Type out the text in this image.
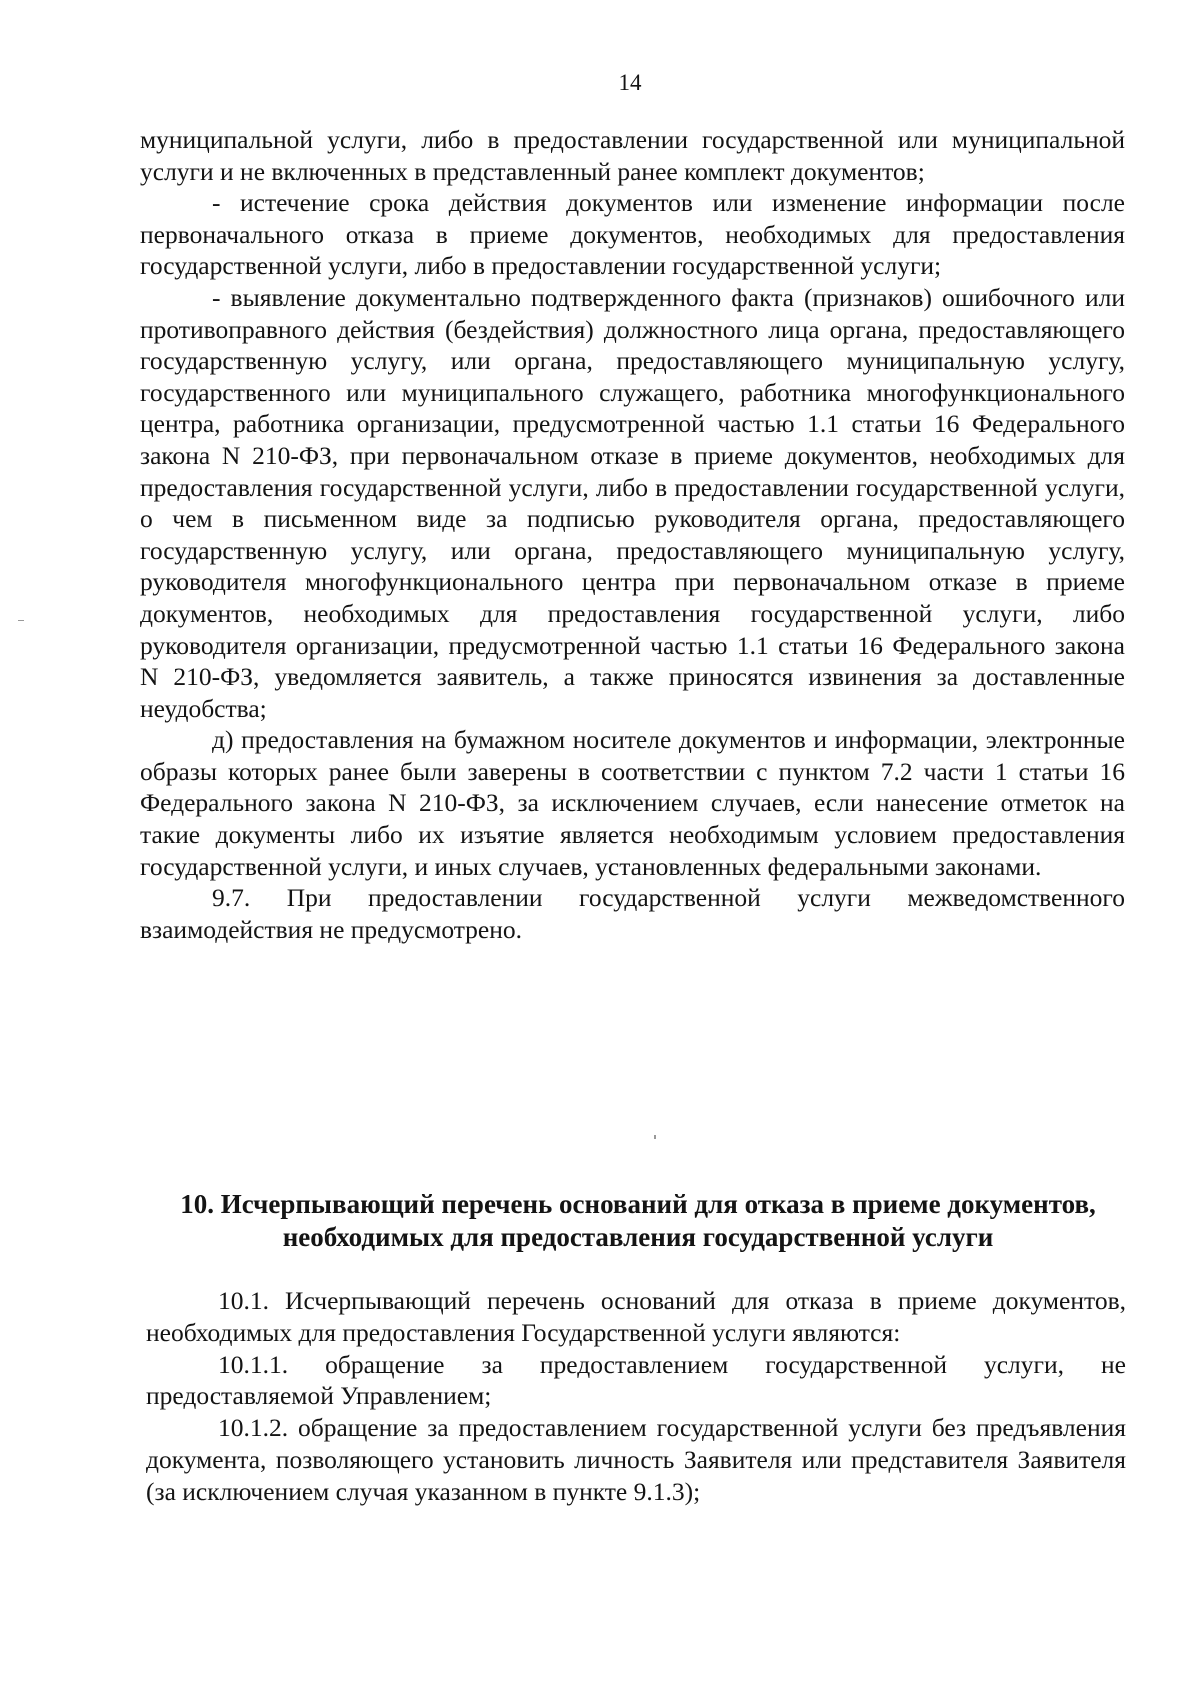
14

муниципальной услуги, либо в предоставлении государственной или муниципальной услуги и не включенных в представленный ранее комплект документов;

- истечение срока действия документов или изменение информации после первоначального отказа в приеме документов, необходимых для предоставления государственной услуги, либо в предоставлении государственной услуги;

- выявление документально подтвержденного факта (признаков) ошибочного или противоправного действия (бездействия) должностного лица органа, предоставляющего государственную услугу, или органа, предоставляющего муниципальную услугу, государственного или муниципального служащего, работника многофункционального центра, работника организации, предусмотренной частью 1.1 статьи 16 Федерального закона N 210-ФЗ, при первоначальном отказе в приеме документов, необходимых для предоставления государственной услуги, либо в предоставлении государственной услуги, о чем в письменном виде за подписью руководителя органа, предоставляющего государственную услугу, или органа, предоставляющего муниципальную услугу, руководителя многофункционального центра при первоначальном отказе в приеме документов, необходимых для предоставления государственной услуги, либо руководителя организации, предусмотренной частью 1.1 статьи 16 Федерального закона N 210-ФЗ, уведомляется заявитель, а также приносятся извинения за доставленные неудобства;

д) предоставления на бумажном носителе документов и информации, электронные образы которых ранее были заверены в соответствии с пунктом 7.2 части 1 статьи 16 Федерального закона N 210-ФЗ, за исключением случаев, если нанесение отметок на такие документы либо их изъятие является необходимым условием предоставления государственной услуги, и иных случаев, установленных федеральными законами.

9.7. При предоставлении государственной услуги межведомственного взаимодействия не предусмотрено.

10. Исчерпывающий перечень оснований для отказа в приеме документов,
необходимых для предоставления государственной услуги

10.1. Исчерпывающий перечень оснований для отказа в приеме документов, необходимых для предоставления Государственной услуги являются:

10.1.1. обращение за предоставлением государственной услуги, не предоставляемой Управлением;

10.1.2. обращение за предоставлением государственной услуги без предъявления документа, позволяющего установить личность Заявителя или представителя Заявителя (за исключением случая указанном в пункте 9.1.3);
